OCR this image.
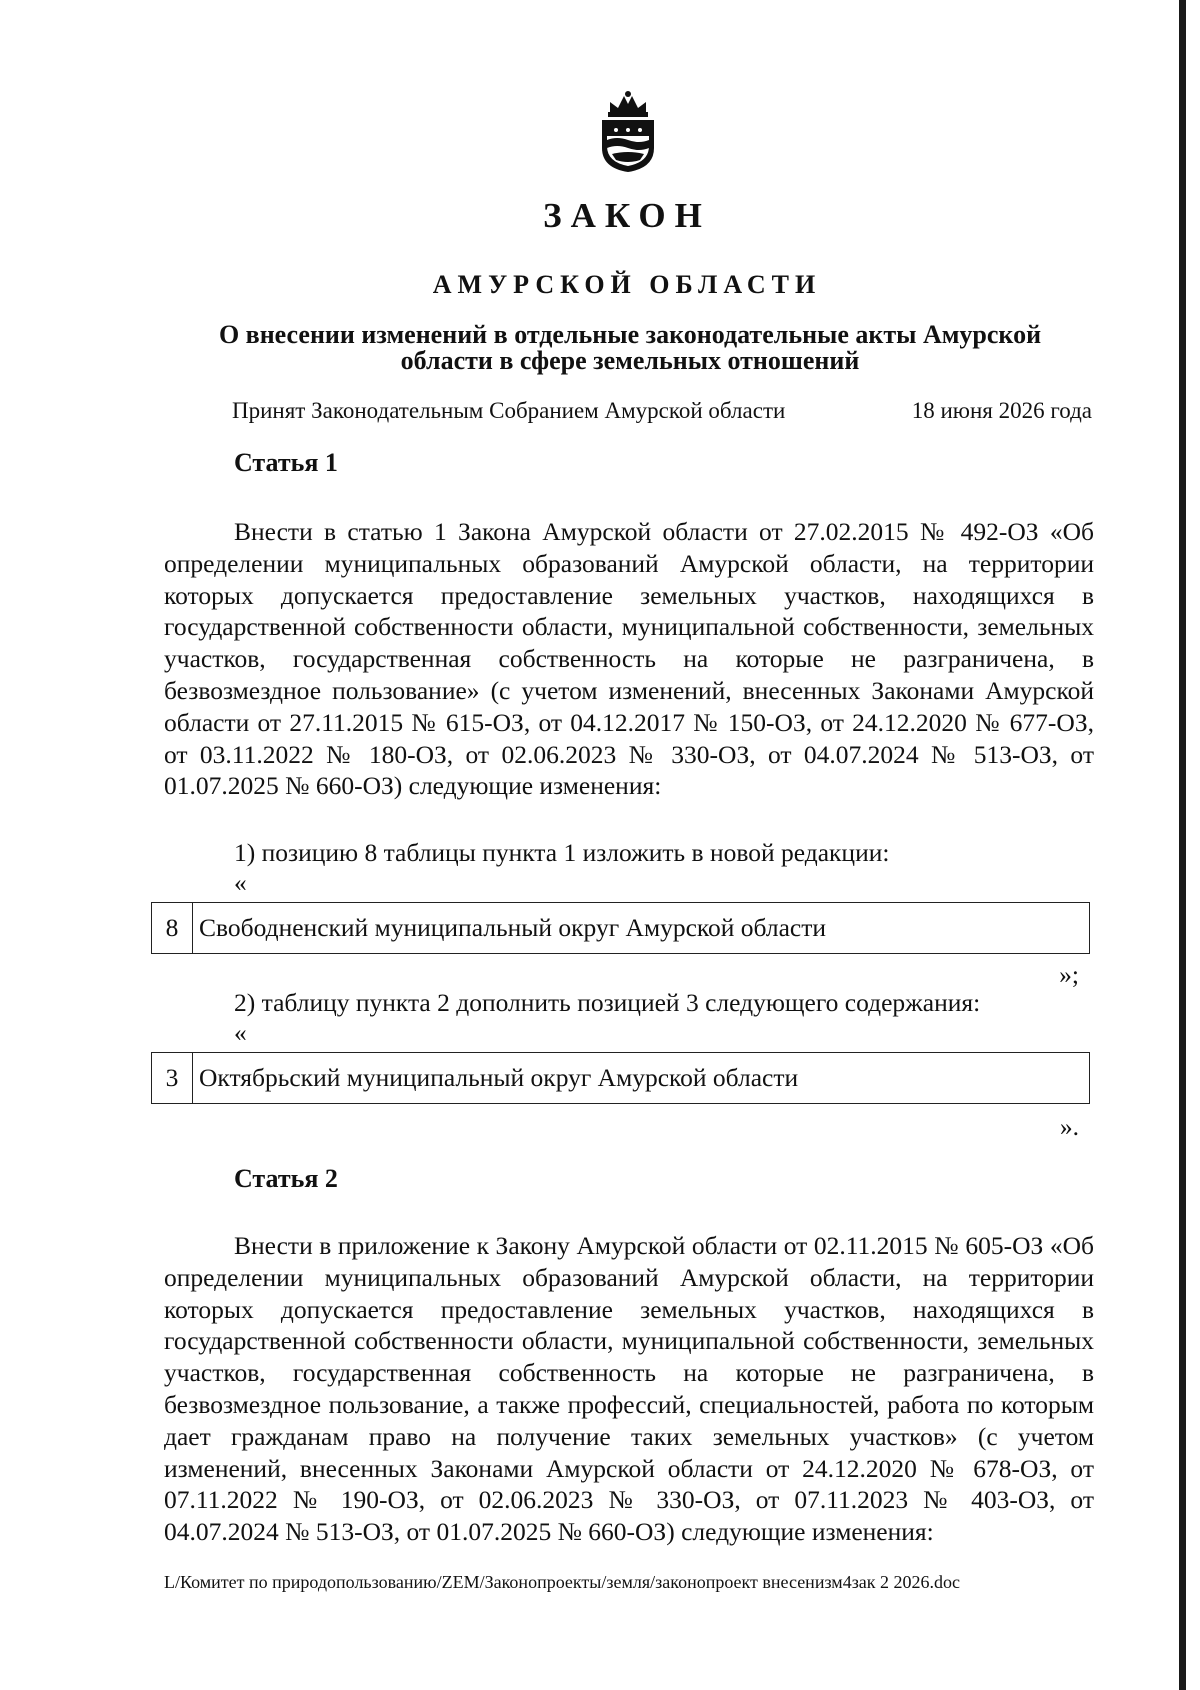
ЗАКОН
АМУРСКОЙ ОБЛАСТИ
О внесении изменений в отдельные законодательные акты Амурской области в сфере земельных отношений
Принят Законодательным Собранием Амурской области	18 июня 2026 года
Статья 1

Внести в статью 1 Закона Амурской области от 27.02.2015 № 492-ОЗ «Об определении муниципальных образований Амурской области, на территории которых допускается предоставление земельных участков, находящихся в государственной собственности области, муниципальной собственности, земельных участков, государственная собственность на которые не разграничена, в безвозмездное пользование» (с учетом изменений, внесенных Законами Амурской области от 27.11.2015 № 615-ОЗ, от 04.12.2017 № 150-ОЗ, от 24.12.2020 № 677-ОЗ, от 03.11.2022 № 180-ОЗ, от 02.06.2023 № 330-ОЗ, от 04.07.2024 № 513-ОЗ, от 01.07.2025 № 660-ОЗ) следующие изменения:

1) позицию 8 таблицы пункта 1 изложить в новой редакции:
«
8	Свободненский муниципальный округ Амурской области
»;
2) таблицу пункта 2 дополнить позицией 3 следующего содержания:
«
3	Октябрьский муниципальный округ Амурской области
».
Статья 2

Внести в приложение к Закону Амурской области от 02.11.2015 № 605-ОЗ «Об определении муниципальных образований Амурской области, на территории которых допускается предоставление земельных участков, находящихся в государственной собственности области, муниципальной собственности, земельных участков, государственная собственность на которые не разграничена, в безвозмездное пользование, а также профессий, специальностей, работа по которым дает гражданам право на получение таких земельных участков» (с учетом изменений, внесенных Законами Амурской области от 24.12.2020 № 678-ОЗ, от 07.11.2022 № 190-ОЗ, от 02.06.2023 № 330-ОЗ, от 07.11.2023 № 403-ОЗ, от 04.07.2024 № 513-ОЗ, от 01.07.2025 № 660-ОЗ) следующие изменения:

L/Комитет по природопользованию/ZEM/Законопроекты/земля/законопроект внесенизм4зак 2 2026.doc
